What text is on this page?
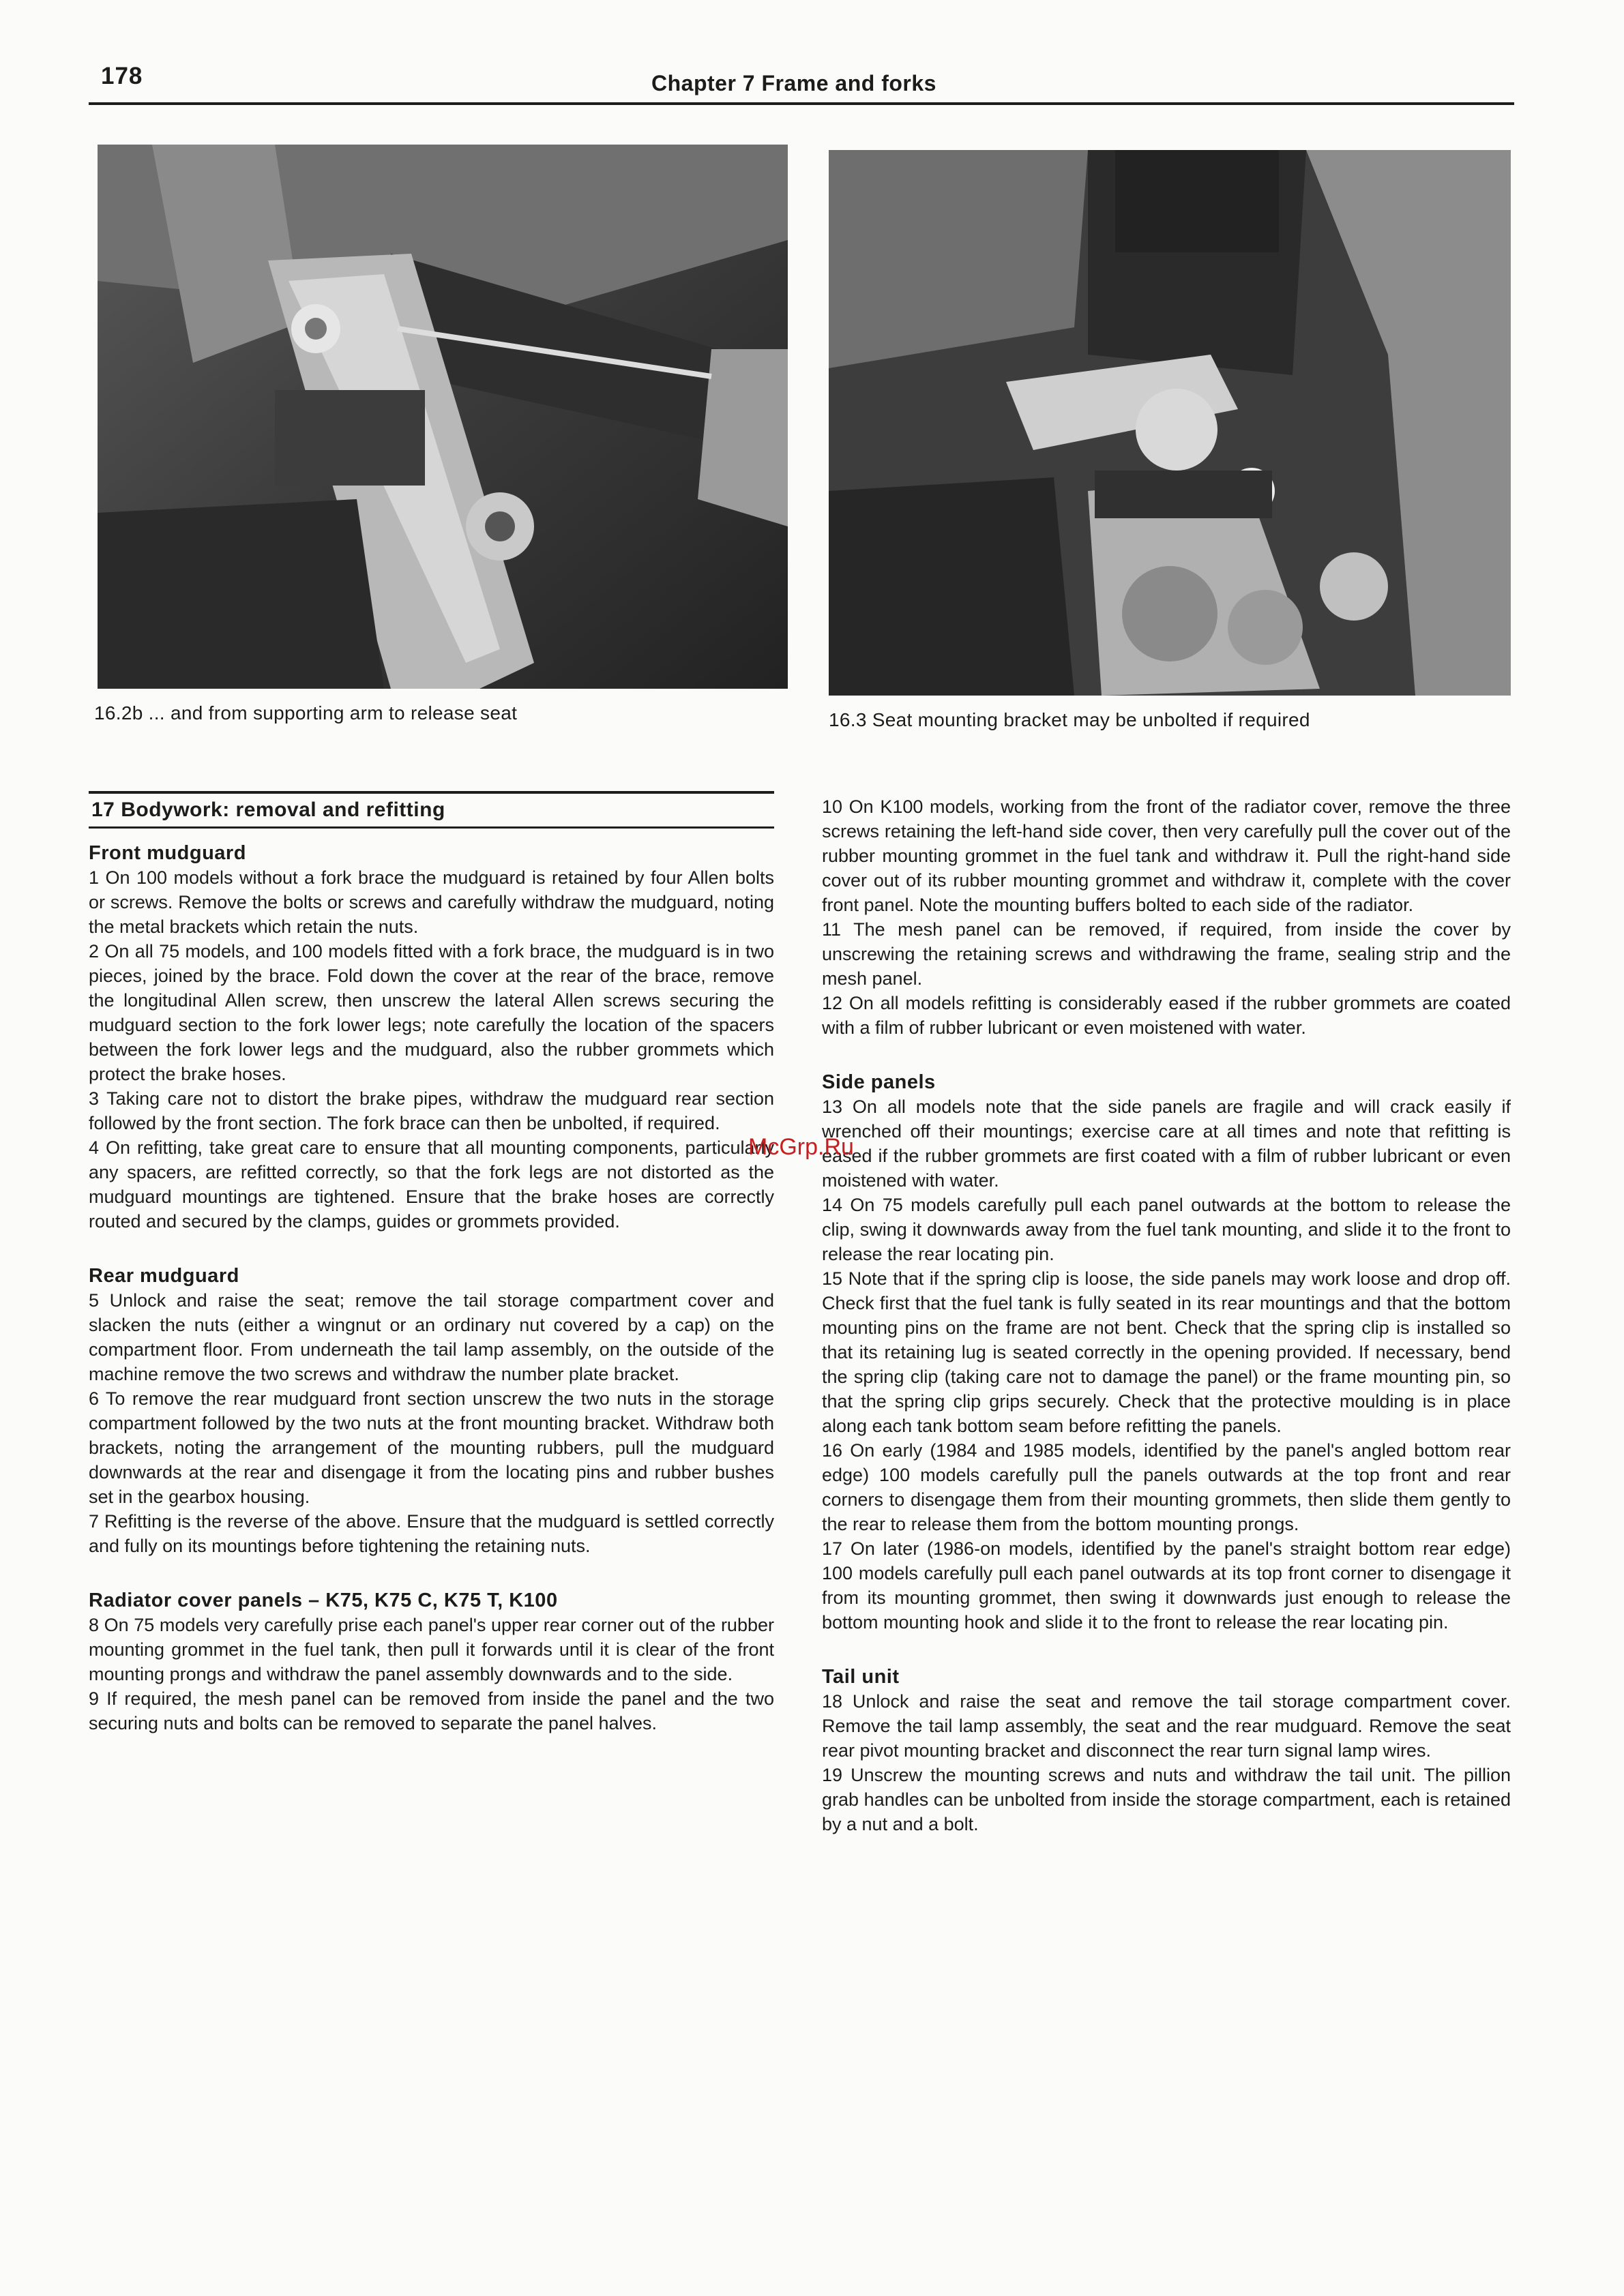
178	Chapter 7 Frame and forks
16.2b ... and from supporting arm to release seat	16.3 Seat mounting bracket may be unbolted if required
17 Bodywork: removal and refitting

Front mudguard

1 On 100 models without a fork brace the mudguard is retained by four Allen bolts or screws. Remove the bolts or screws and carefully withdraw the mudguard, noting the metal brackets which retain the nuts.

2 On all 75 models, and 100 models fitted with a fork brace, the mudguard is in two pieces, joined by the brace. Fold down the cover at the rear of the brace, remove the longitudinal Allen screw, then unscrew the lateral Allen screws securing the mudguard section to the fork lower legs; note carefully the location of the spacers between the fork lower legs and the mudguard, also the rubber grommets which protect the brake hoses.

3 Taking care not to distort the brake pipes, withdraw the mudguard rear section followed by the front section. The fork brace can then be unbolted, if required.

4 On refitting, take great care to ensure that all mounting components, particularly any spacers, are refitted correctly, so that the fork legs are not distorted as the mudguard mountings are tightened. Ensure that the brake hoses are correctly routed and secured by the clamps, guides or grommets provided.

Rear mudguard

5 Unlock and raise the seat; remove the tail storage compartment cover and slacken the nuts (either a wingnut or an ordinary nut covered by a cap) on the compartment floor. From underneath the tail lamp assembly, on the outside of the machine remove the two screws and withdraw the number plate bracket.

6 To remove the rear mudguard front section unscrew the two nuts in the storage compartment followed by the two nuts at the front mounting bracket. Withdraw both brackets, noting the arrangement of the mounting rubbers, pull the mudguard downwards at the rear and disengage it from the locating pins and rubber bushes set in the gearbox housing.

7 Refitting is the reverse of the above. Ensure that the mudguard is settled correctly and fully on its mountings before tightening the retaining nuts.

Radiator cover panels – K75, K75 C, K75 T, K100

8 On 75 models very carefully prise each panel's upper rear corner out of the rubber mounting grommet in the fuel tank, then pull it forwards until it is clear of the front mounting prongs and withdraw the panel assembly downwards and to the side.

9 If required, the mesh panel can be removed from inside the panel and the two securing nuts and bolts can be removed to separate the panel halves.

10 On K100 models, working from the front of the radiator cover, remove the three screws retaining the left-hand side cover, then very carefully pull the cover out of the rubber mounting grommet in the fuel tank and withdraw it. Pull the right-hand side cover out of its rubber mounting grommet and withdraw it, complete with the cover front panel. Note the mounting buffers bolted to each side of the radiator.

11 The mesh panel can be removed, if required, from inside the cover by unscrewing the retaining screws and withdrawing the frame, sealing strip and the mesh panel.

12 On all models refitting is considerably eased if the rubber grommets are coated with a film of rubber lubricant or even moistened with water.

Side panels

13 On all models note that the side panels are fragile and will crack easily if wrenched off their mountings; exercise care at all times and note that refitting is eased if the rubber grommets are first coated with a film of rubber lubricant or even moistened with water.

14 On 75 models carefully pull each panel outwards at the bottom to release the clip, swing it downwards away from the fuel tank mounting, and slide it to the front to release the rear locating pin.

15 Note that if the spring clip is loose, the side panels may work loose and drop off. Check first that the fuel tank is fully seated in its rear mountings and that the bottom mounting pins on the frame are not bent. Check that the spring clip is installed so that its retaining lug is seated correctly in the opening provided. If necessary, bend the spring clip (taking care not to damage the panel) or the frame mounting pin, so that the spring clip grips securely. Check that the protective moulding is in place along each tank bottom seam before refitting the panels.

16 On early (1984 and 1985 models, identified by the panel's angled bottom rear edge) 100 models carefully pull the panels outwards at the top front and rear corners to disengage them from their mounting grommets, then slide them gently to the rear to release them from the bottom mounting prongs.

17 On later (1986-on models, identified by the panel's straight bottom rear edge) 100 models carefully pull each panel outwards at its top front corner to disengage it from its mounting grommet, then swing it downwards just enough to release the bottom mounting hook and slide it to the front to release the rear locating pin.

Tail unit

18 Unlock and raise the seat and remove the tail storage compartment cover. Remove the tail lamp assembly, the seat and the rear mudguard. Remove the seat rear pivot mounting bracket and disconnect the rear turn signal lamp wires.

19 Unscrew the mounting screws and nuts and withdraw the tail unit. The pillion grab handles can be unbolted from inside the storage compartment, each is retained by a nut and a bolt.

McGrp.Ru
